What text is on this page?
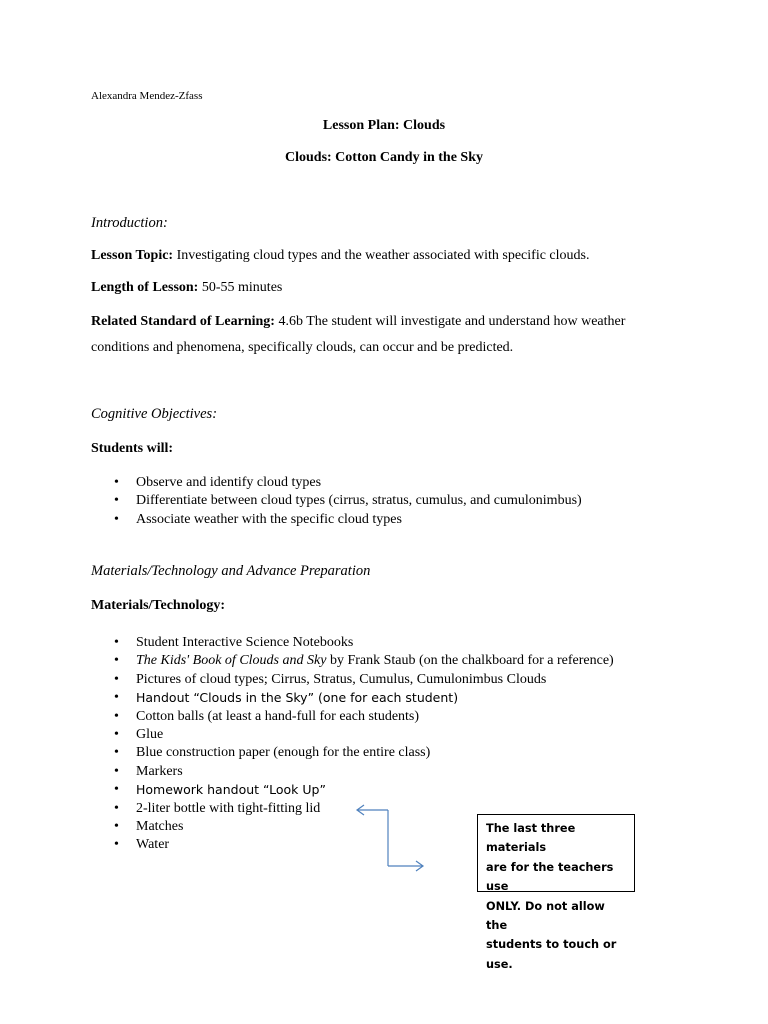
Alexandra Mendez-Zfass
Lesson Plan: Clouds
Clouds: Cotton Candy in the Sky
Introduction:
Lesson Topic: Investigating cloud types and the weather associated with specific clouds.
Length of Lesson: 50-55 minutes
Related Standard of Learning: 4.6b The student will investigate and understand how weather conditions and phenomena, specifically clouds, can occur and be predicted.
Cognitive Objectives:
Students will:
• Observe and identify cloud types
• Differentiate between cloud types (cirrus, stratus, cumulus, and cumulonimbus)
• Associate weather with the specific cloud types
Materials/Technology and Advance Preparation
Materials/Technology:
• Student Interactive Science Notebooks
• The Kids' Book of Clouds and Sky by Frank Staub (on the chalkboard for a reference)
• Pictures of cloud types; Cirrus, Stratus, Cumulus, Cumulonimbus Clouds
• Handout “Clouds in the Sky” (one for each student)
• Cotton balls (at least a hand-full for each students)
• Glue
• Blue construction paper (enough for the entire class)
• Markers
• Homework handout “Look Up”
• 2-liter bottle with tight-fitting lid
• Matches
• Water
The last three materials
are for the teachers use
ONLY. Do not allow the
students to touch or use.
